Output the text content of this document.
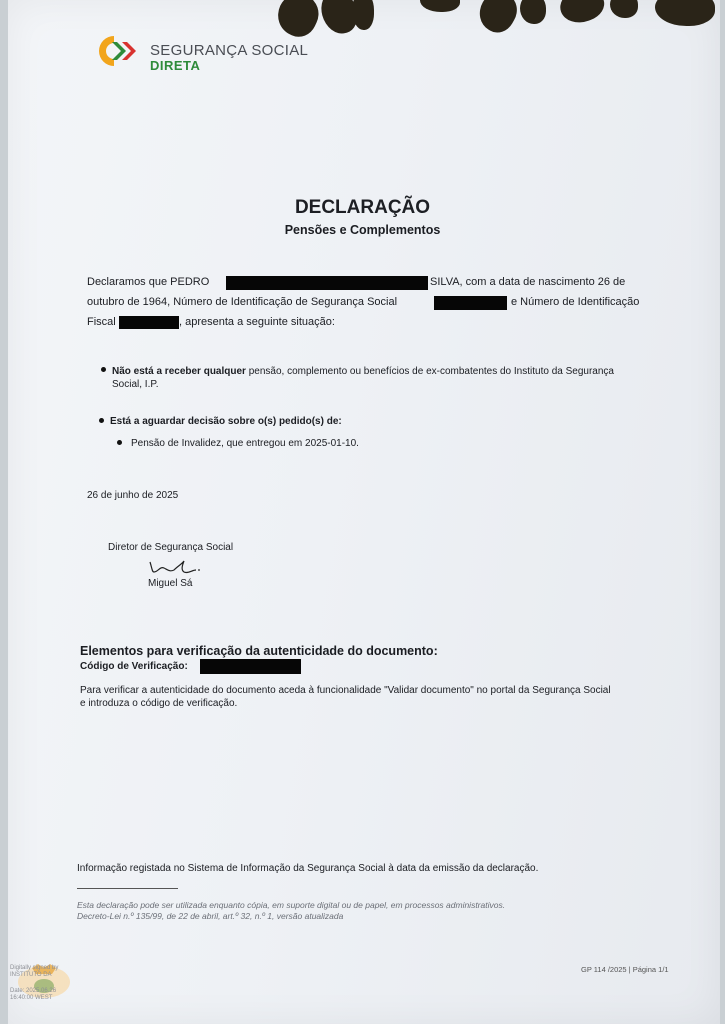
SEGURANÇA SOCIAL
DIRETA
DECLARAÇÃO
Pensões e Complementos
Declaramos que PEDRO	SILVA, com a data de nascimento 26 de
outubro de 1964, Número de Identificação de Segurança Social	e Número de Identificação
Fiscal	, apresenta a seguinte situação:
Não está a receber qualquer pensão, complemento ou benefícios de ex-combatentes do Instituto da Segurança
Social, I.P.
Está a aguardar decisão sobre o(s) pedido(s) de:
Pensão de Invalidez, que entregou em 2025-01-10.
26 de junho de 2025
Diretor de Segurança Social
Miguel Sá
Elementos para verificação da autenticidade do documento:
Código de Verificação:
Para verificar a autenticidade do documento aceda à funcionalidade "Validar documento" no portal da Segurança Social
e introduza o código de verificação.
Informação registada no Sistema de Informação da Segurança Social à data da emissão da declaração.
Esta declaração pode ser utilizada enquanto cópia, em suporte digital ou de papel, em processos administrativos.
Decreto-Lei n.º 135/99, de 22 de abril, art.º 32, n.º 1, versão atualizada
GP 114 /2025 | Página 1/1
Digitally signed by
INSTITUTO DA
Date: 2025.06.26
16:40:00 WEST
